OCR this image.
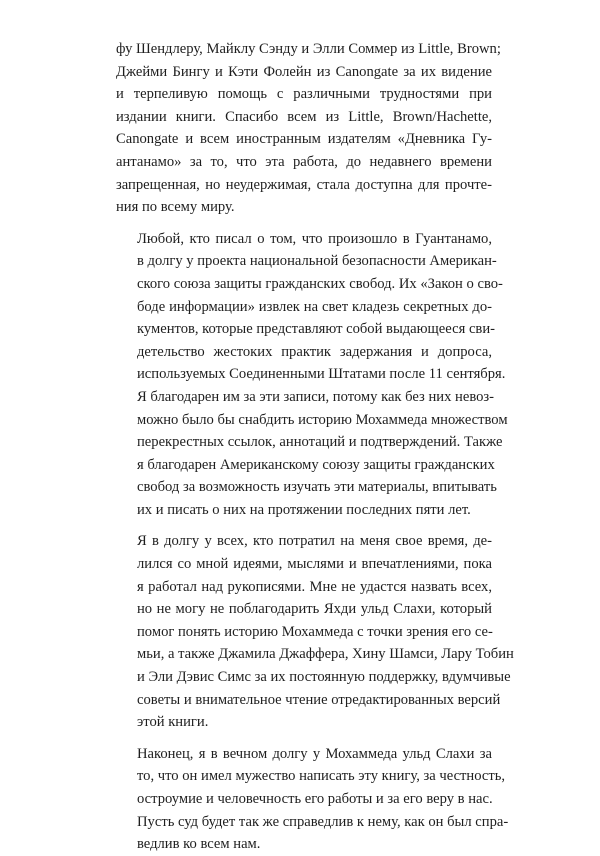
фу Шендлеру, Майклу Сэнду и Элли Соммер из Little, Brown;
Джейми Бингу и Кэти Фолейн из Canongate за их видение
и терпеливую помощь с различными трудностями при
издании книги. Спасибо всем из Little, Brown/Hachette,
Canongate и всем иностранным издателям «Дневника Гу-
антанамо» за то, что эта работа, до недавнего времени
запрещенная, но неудержимая, стала доступна для прочте-
ния по всему миру.

Любой, кто писал о том, что произошло в Гуантанамо,
в долгу у проекта национальной безопасности Американ-
ского союза защиты гражданских свобод. Их «Закон о сво-
боде информации» извлек на свет кладезь секретных до-
кументов, которые представляют собой выдающееся сви-
детельство жестоких практик задержания и допроса,
используемых Соединенными Штатами после 11 сентября.
Я благодарен им за эти записи, потому как без них невоз-
можно было бы снабдить историю Мохаммеда множеством
перекрестных ссылок, аннотаций и подтверждений. Также
я благодарен Американскому союзу защиты гражданских
свобод за возможность изучать эти материалы, впитывать
их и писать о них на протяжении последних пяти лет.

Я в долгу у всех, кто потратил на меня свое время, де-
лился со мной идеями, мыслями и впечатлениями, пока
я работал над рукописями. Мне не удастся назвать всех,
но не могу не поблагодарить Яхди ульд Слахи, который
помог понять историю Мохаммеда с точки зрения его се-
мьи, а также Джамила Джаффера, Хину Шамси, Лару Тобин
и Эли Дэвис Симс за их постоянную поддержку, вдумчивые
советы и внимательное чтение отредактированных версий
этой книги.

Наконец, я в вечном долгу у Мохаммеда ульд Слахи за
то, что он имел мужество написать эту книгу, за честность,
остроумие и человечность его работы и за его веру в нас.
Пусть суд будет так же справедлив к нему, как он был спра-
ведлив ко всем нам.
